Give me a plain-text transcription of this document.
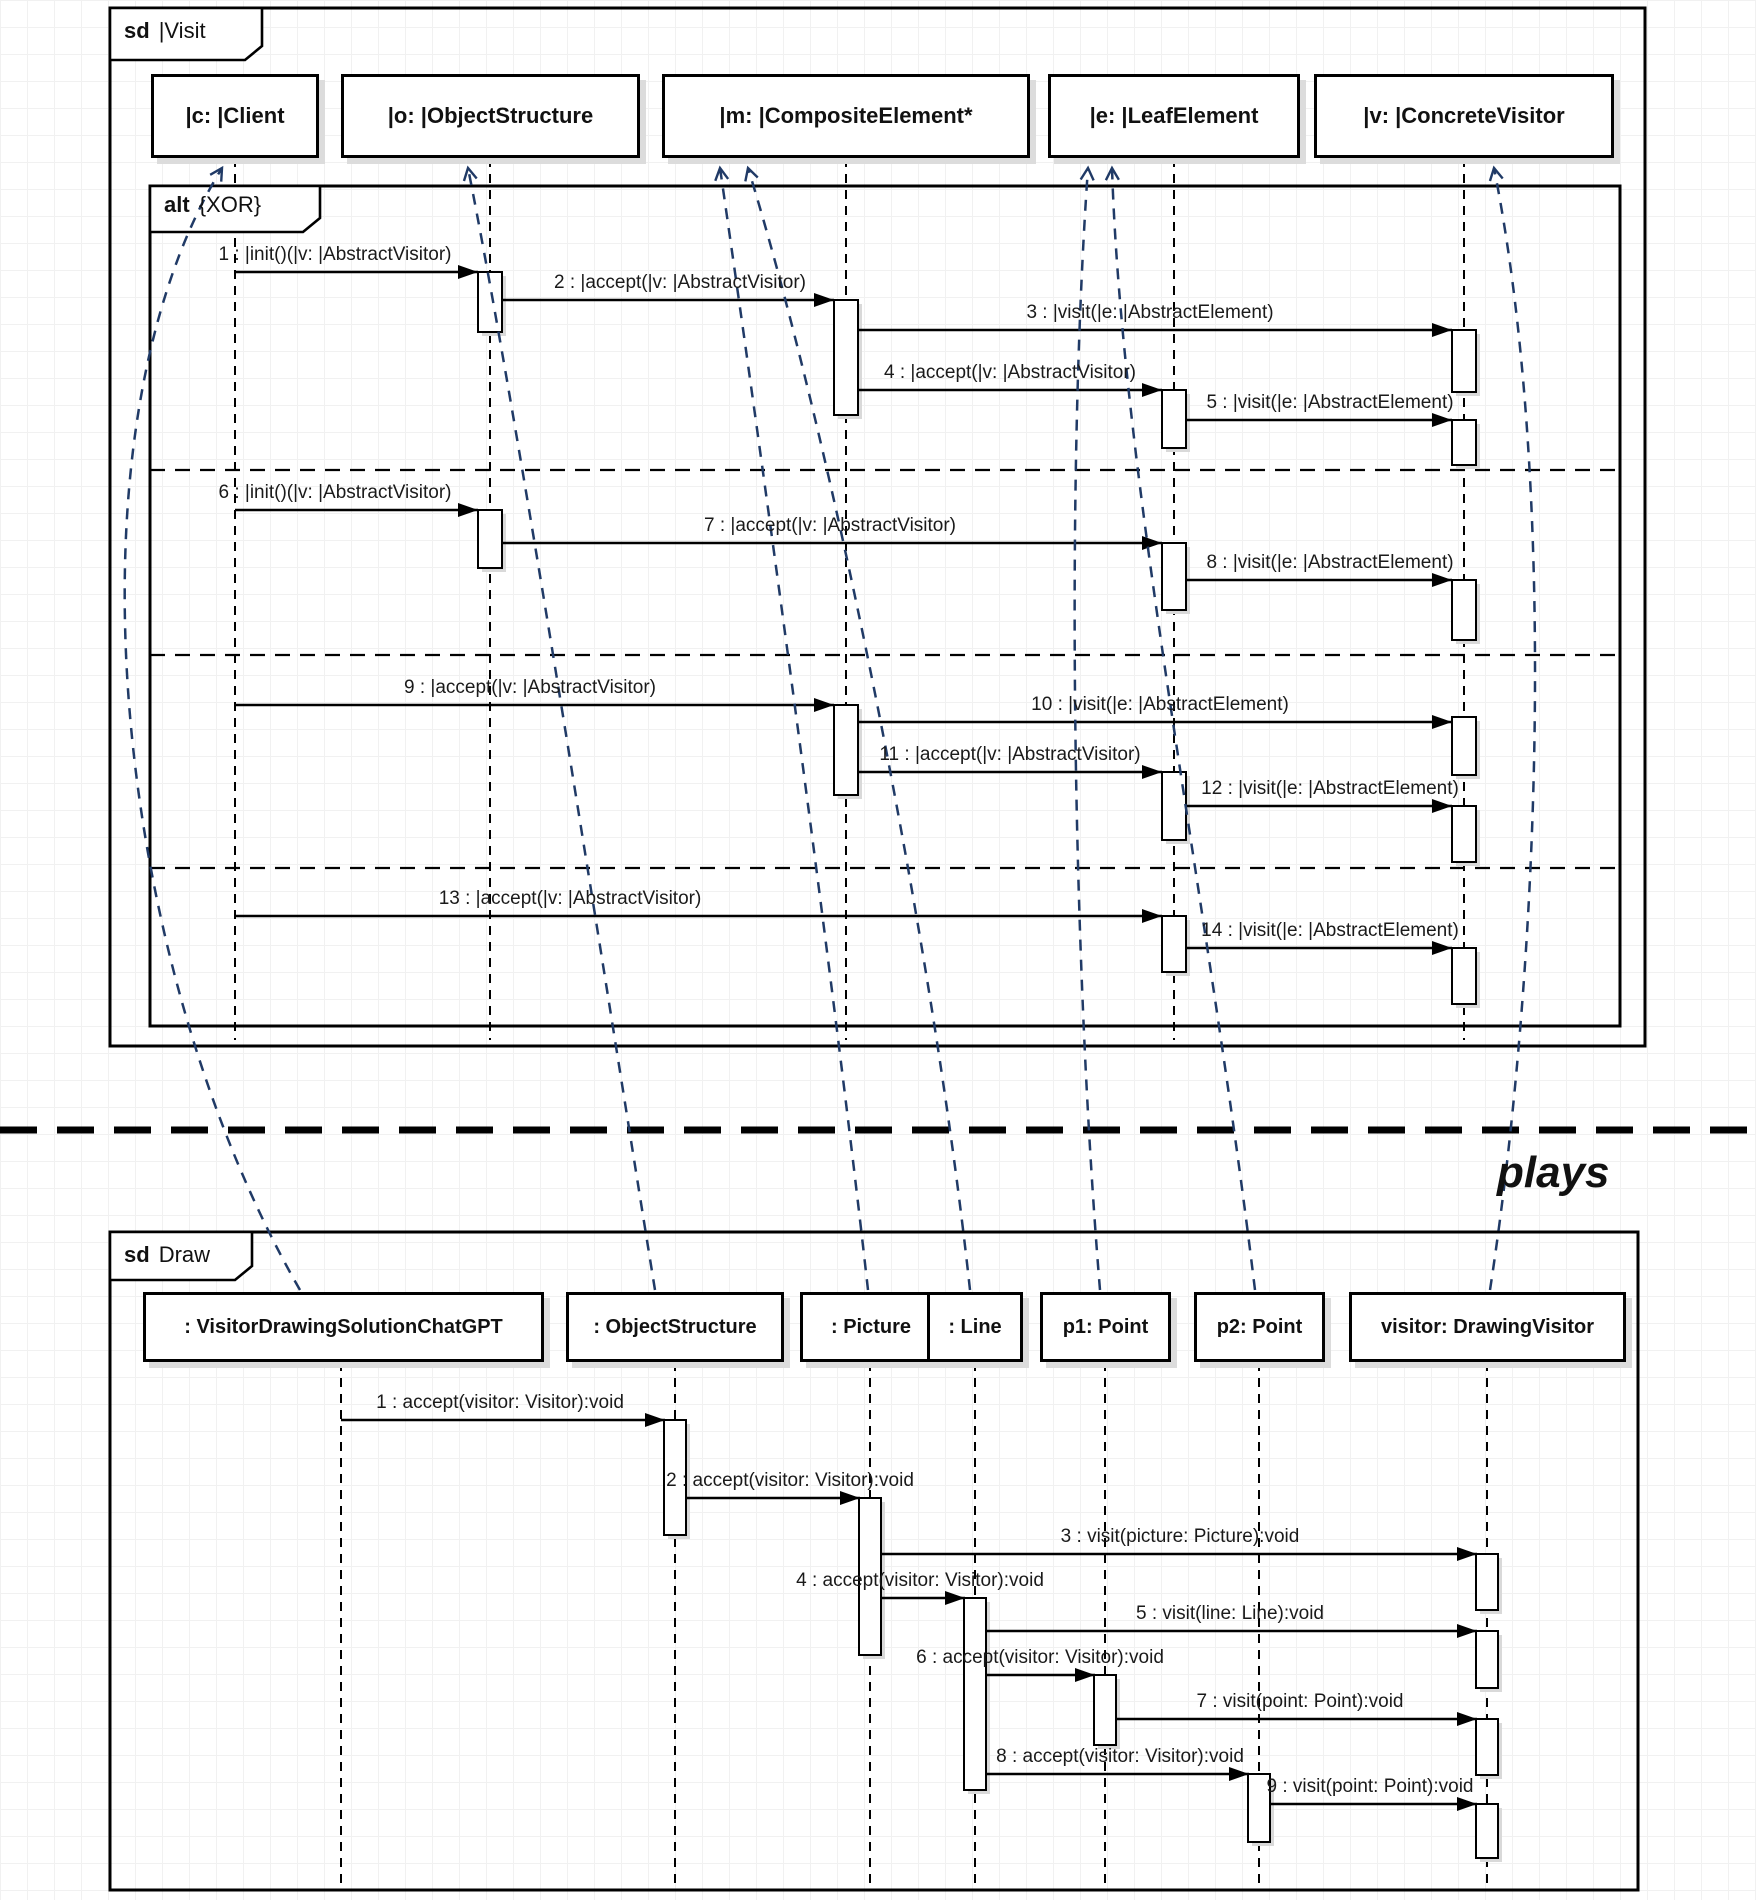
sd |Visit
alt {XOR}
sd Draw
|c: |Client	|o: |ObjectStructure	|m: |CompositeElement*	|e: |LeafElement	|v: |ConcreteVisitor
1 : |init()(|v: |AbstractVisitor)
2 : |accept(|v: |AbstractVisitor)
3 : |visit(|e: |AbstractElement)
4 : |accept(|v: |AbstractVisitor)
5 : |visit(|e: |AbstractElement)
6 : |init()(|v: |AbstractVisitor)
7 : |accept(|v: |AbstractVisitor)
8 : |visit(|e: |AbstractElement)
9 : |accept(|v: |AbstractVisitor)
10 : |visit(|e: |AbstractElement)
11 : |accept(|v: |AbstractVisitor)
12 : |visit(|e: |AbstractElement)
13 : |accept(|v: |AbstractVisitor)
14 : |visit(|e: |AbstractElement)
plays
: VisitorDrawingSolutionChatGPT	: ObjectStructure	: Picture	: Line	p1: Point	p2: Point	visitor: DrawingVisitor
1 : accept(visitor: Visitor):void
2 : accept(visitor: Visitor):void
3 : visit(picture: Picture):void
4 : accept(visitor: Visitor):void
5 : visit(line: Line):void
6 : accept(visitor: Visitor):void
7 : visit(point: Point):void
8 : accept(visitor: Visitor):void
9 : visit(point: Point):void
